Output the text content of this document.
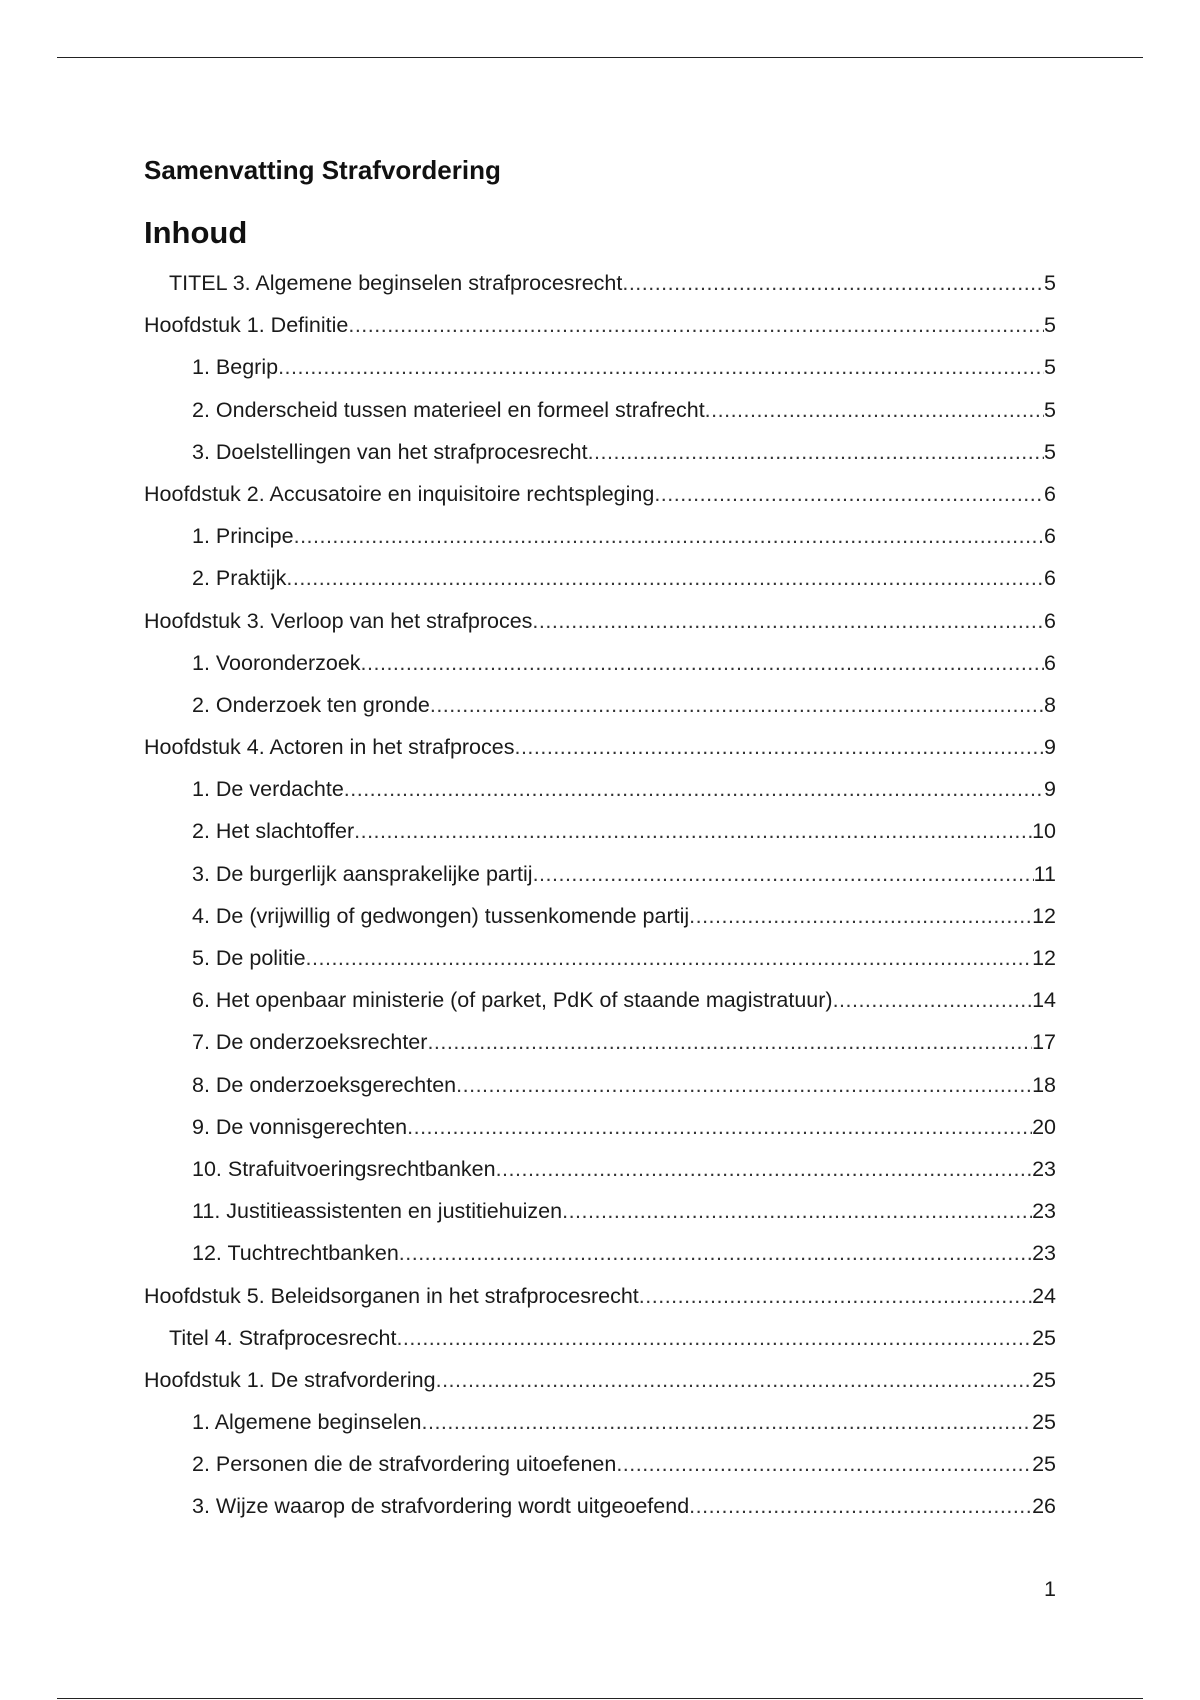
Samenvatting Strafvordering
Inhoud
TITEL 3. Algemene beginselen strafprocesrecht .....	5
Hoofdstuk 1. Definitie .....	5
1. Begrip .....	5
2. Onderscheid tussen materieel en formeel strafrecht .....	5
3. Doelstellingen van het strafprocesrecht .....	5
Hoofdstuk 2. Accusatoire en inquisitoire rechtspleging .....	6
1. Principe .....	6
2. Praktijk .....	6
Hoofdstuk 3. Verloop van het strafproces .....	6
1. Vooronderzoek .....	6
2. Onderzoek ten gronde .....	8
Hoofdstuk 4. Actoren in het strafproces .....	9
1. De verdachte .....	9
2. Het slachtoffer .....	10
3. De burgerlijk aansprakelijke partij .....	11
4. De (vrijwillig of gedwongen) tussenkomende partij .....	12
5. De politie .....	12
6. Het openbaar ministerie (of parket, PdK of staande magistratuur) .....	14
7. De onderzoeksrechter .....	17
8. De onderzoeksgerechten .....	18
9. De vonnisgerechten .....	20
10. Strafuitvoeringsrechtbanken .....	23
11. Justitieassistenten en justitiehuizen .....	23
12. Tuchtrechtbanken .....	23
Hoofdstuk 5. Beleidsorganen in het strafprocesrecht .....	24
Titel 4. Strafprocesrecht .....	25
Hoofdstuk 1. De strafvordering .....	25
1. Algemene beginselen .....	25
2. Personen die de strafvordering uitoefenen .....	25
3. Wijze waarop de strafvordering wordt uitgeoefend .....	26
1
